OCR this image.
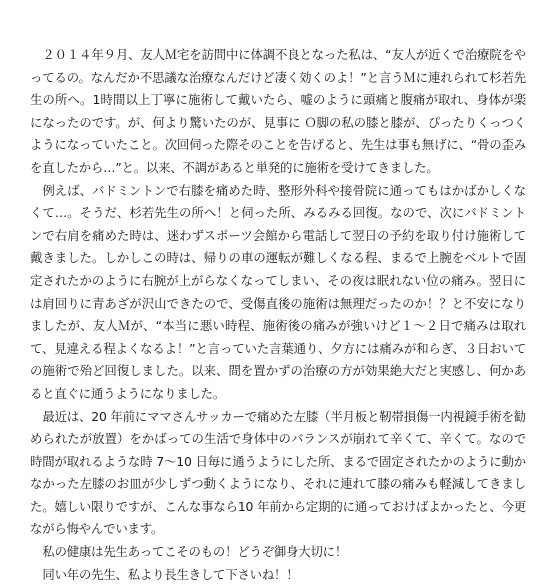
２０１４年９月、友人Ｍ宅を訪問中に体調不良となった私は、“友人が近くで治療院をやってるの。なんだか不思議な治療なんだけど凄く効くのよ！”と言うＭに連れられて杉若先生の所へ。1時間以上丁寧に施術して戴いたら、嘘のように頭痛と腹痛が取れ、身体が楽になったのです。が、何より驚いたのが、見事に Ｏ脚の私の膝と膝が、ぴったりくっつくようになっていたこと。次回伺った際そのことを告げると、先生は事も無げに、“骨の歪みを直したから…”と。以来、不調があると単発的に施術を受けてきました。

例えば、バドミントンで右膝を痛めた時、整形外科や接骨院に通ってもはかばかしくなくて…。そうだ、杉若先生の所へ！と伺った所、みるみる回復。なので、次にバドミントンで右肩を痛めた時は、迷わずスポーツ会館から電話して翌日の予約を取り付け施術して戴きました。しかしこの時は、帰りの車の運転が難しくなる程、まるで上腕をベルトで固定されたかのように右腕が上がらなくなってしまい、その夜は眠れない位の痛み。翌日には肩回りに青あざが沢山できたので、受傷直後の施術は無理だったのか！？と不安になりましたが、友人Ｍが、“本当に悪い時程、施術後の痛みが強いけど１～２日で痛みは取れて、見違える程よくなるよ！”と言っていた言葉通り、夕方には痛みが和らぎ、３日おいての施術で殆ど回復しました。以来、間を置かずの治療の方が効果絶大だと実感し、何かあると直ぐに通うようになりました。

最近は、20 年前にママさんサッカーで痛めた左膝（半月板と靭帯損傷一内視鏡手術を勧められたが放置）をかばっての生活で身体中のバランスが崩れて辛くて、辛くて。なので時間が取れるような時 7～10 日毎に通うようにした所、まるで固定されたかのように動かなかった左膝のお皿が少しずつ動くようになり、それに連れて膝の痛みも軽減してきました。嬉しい限りですが、こんな事なら10 年前から定期的に通っておけばよかったと、今更ながら悔やんでいます。

私の健康は先生あってこそのもの！どうぞ御身大切に！

同い年の先生、私より長生きして下さいね！！
